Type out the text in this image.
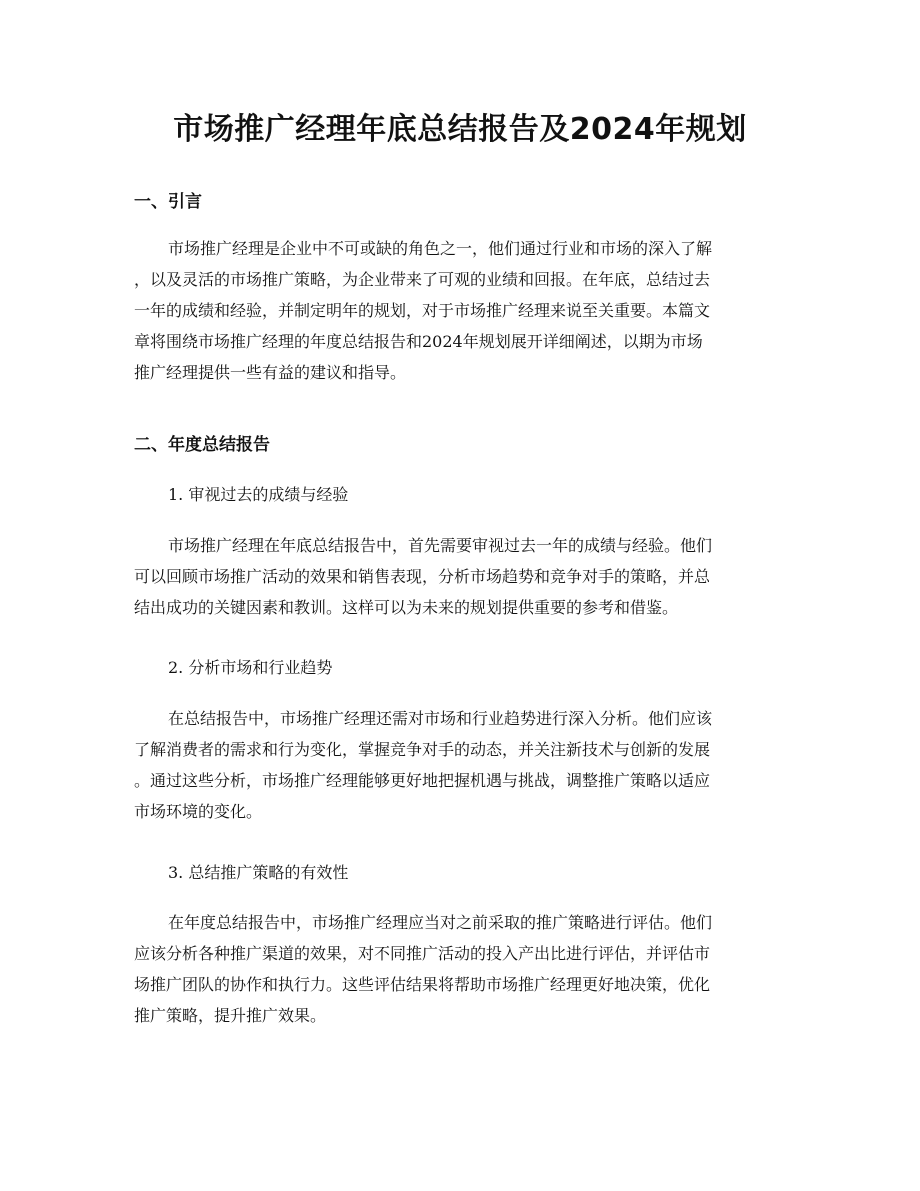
市场推广经理年底总结报告及2024年规划
一、引言
市场推广经理是企业中不可或缺的角色之一，他们通过行业和市场的深入了解
，以及灵活的市场推广策略，为企业带来了可观的业绩和回报。在年底，总结过去
一年的成绩和经验，并制定明年的规划，对于市场推广经理来说至关重要。本篇文
章将围绕市场推广经理的年度总结报告和2024年规划展开详细阐述，以期为市场
推广经理提供一些有益的建议和指导。
二、年度总结报告
1. 审视过去的成绩与经验
市场推广经理在年底总结报告中，首先需要审视过去一年的成绩与经验。他们
可以回顾市场推广活动的效果和销售表现，分析市场趋势和竞争对手的策略，并总
结出成功的关键因素和教训。这样可以为未来的规划提供重要的参考和借鉴。
2. 分析市场和行业趋势
在总结报告中，市场推广经理还需对市场和行业趋势进行深入分析。他们应该
了解消费者的需求和行为变化，掌握竞争对手的动态，并关注新技术与创新的发展
。通过这些分析，市场推广经理能够更好地把握机遇与挑战，调整推广策略以适应
市场环境的变化。
3. 总结推广策略的有效性
在年度总结报告中，市场推广经理应当对之前采取的推广策略进行评估。他们
应该分析各种推广渠道的效果，对不同推广活动的投入产出比进行评估，并评估市
场推广团队的协作和执行力。这些评估结果将帮助市场推广经理更好地决策，优化
推广策略，提升推广效果。
